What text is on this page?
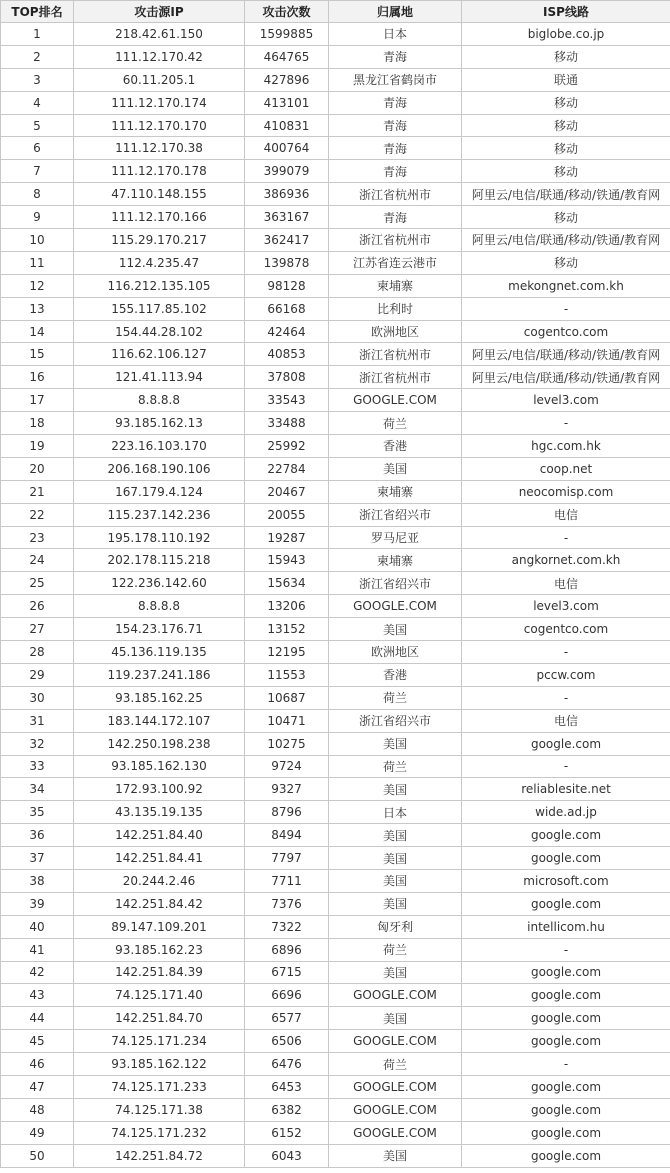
TOP排名	攻击源IP	攻击次数	归属地	ISP线路
1	218.42.61.150	1599885	日本	biglobe.co.jp
2	111.12.170.42	464765	青海	移动
3	60.11.205.1	427896	黑龙江省鹤岗市	联通
4	111.12.170.174	413101	青海	移动
5	111.12.170.170	410831	青海	移动
6	111.12.170.38	400764	青海	移动
7	111.12.170.178	399079	青海	移动
8	47.110.148.155	386936	浙江省杭州市	阿里云/电信/联通/移动/铁通/教育网
9	111.12.170.166	363167	青海	移动
10	115.29.170.217	362417	浙江省杭州市	阿里云/电信/联通/移动/铁通/教育网
11	112.4.235.47	139878	江苏省连云港市	移动
12	116.212.135.105	98128	柬埔寨	mekongnet.com.kh
13	155.117.85.102	66168	比利时	-
14	154.44.28.102	42464	欧洲地区	cogentco.com
15	116.62.106.127	40853	浙江省杭州市	阿里云/电信/联通/移动/铁通/教育网
16	121.41.113.94	37808	浙江省杭州市	阿里云/电信/联通/移动/铁通/教育网
17	8.8.8.8	33543	GOOGLE.COM	level3.com
18	93.185.162.13	33488	荷兰	-
19	223.16.103.170	25992	香港	hgc.com.hk
20	206.168.190.106	22784	美国	coop.net
21	167.179.4.124	20467	柬埔寨	neocomisp.com
22	115.237.142.236	20055	浙江省绍兴市	电信
23	195.178.110.192	19287	罗马尼亚	-
24	202.178.115.218	15943	柬埔寨	angkornet.com.kh
25	122.236.142.60	15634	浙江省绍兴市	电信
26	8.8.8.8	13206	GOOGLE.COM	level3.com
27	154.23.176.71	13152	美国	cogentco.com
28	45.136.119.135	12195	欧洲地区	-
29	119.237.241.186	11553	香港	pccw.com
30	93.185.162.25	10687	荷兰	-
31	183.144.172.107	10471	浙江省绍兴市	电信
32	142.250.198.238	10275	美国	google.com
33	93.185.162.130	9724	荷兰	-
34	172.93.100.92	9327	美国	reliablesite.net
35	43.135.19.135	8796	日本	wide.ad.jp
36	142.251.84.40	8494	美国	google.com
37	142.251.84.41	7797	美国	google.com
38	20.244.2.46	7711	美国	microsoft.com
39	142.251.84.42	7376	美国	google.com
40	89.147.109.201	7322	匈牙利	intellicom.hu
41	93.185.162.23	6896	荷兰	-
42	142.251.84.39	6715	美国	google.com
43	74.125.171.40	6696	GOOGLE.COM	google.com
44	142.251.84.70	6577	美国	google.com
45	74.125.171.234	6506	GOOGLE.COM	google.com
46	93.185.162.122	6476	荷兰	-
47	74.125.171.233	6453	GOOGLE.COM	google.com
48	74.125.171.38	6382	GOOGLE.COM	google.com
49	74.125.171.232	6152	GOOGLE.COM	google.com
50	142.251.84.72	6043	美国	google.com
